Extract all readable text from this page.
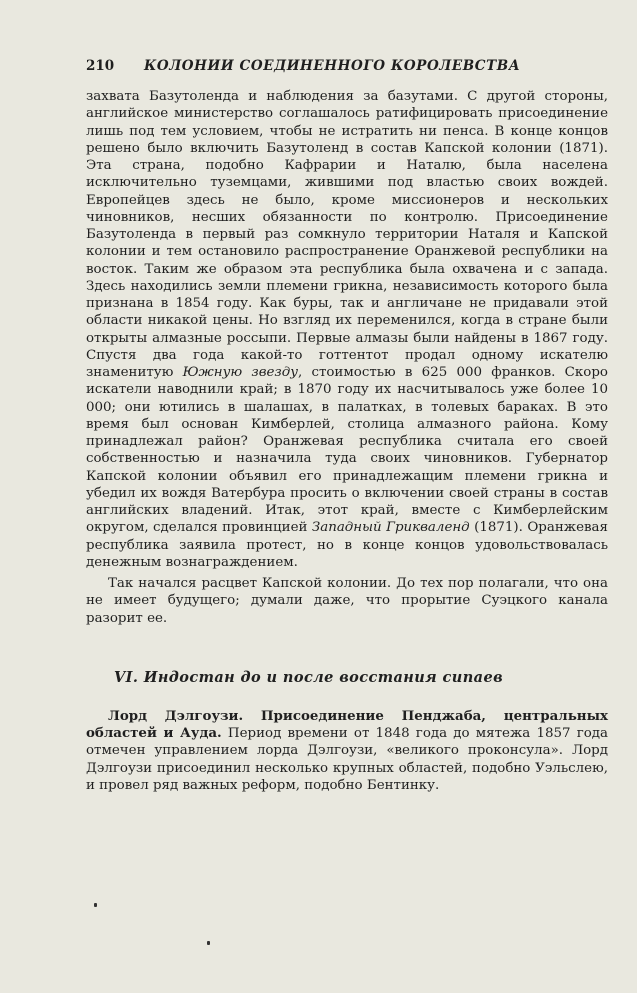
210	КОЛОНИИ СОЕДИНЕННОГО КОРОЛЕВСТВА

захвата Базутоленда и наблюдения за базутами. С другой стороны, английское министерство соглашалось ратифицировать присоединение лишь под тем условием, чтобы не истратить ни пенса. В конце концов решено было включить Базутоленд в состав Капской колонии (1871). Эта страна, подобно Кафрарии и Наталю, была населена исключительно туземцами, жившими под властью своих вождей. Европейцев здесь не было, кроме миссионеров и нескольких чиновников, несших обязанности по контролю. Присоединение Базутоленда в первый раз сомкнуло территории Наталя и Капской колонии и тем остановило распространение Оранжевой республики на восток. Таким же образом эта республика была охвачена и с запада. Здесь находились земли племени грикна, независимость которого была признана в 1854 году. Как буры, так и англичане не придавали этой области никакой цены. Но взгляд их переменился, когда в стране были открыты алмазные россыпи. Первые алмазы были найдены в 1867 году. Спустя два года какой-то готтентот продал одному искателю знаменитую Южную звезду, стоимостью в 625 000 франков. Скоро искатели наводнили край; в 1870 году их насчитывалось уже более 10 000; они ютились в шалашах, в палатках, в толевых бараках. В это время был основан Кимберлей, столица алмазного района. Кому принадлежал район? Оранжевая республика считала его своей собственностью и назначила туда своих чиновников. Губернатор Капской колонии объявил его принадлежащим племени грикна и убедил их вождя Ватербура просить о включении своей страны в состав английских владений. Итак, этот край, вместе с Кимберлейским округом, сделался провинцией Западный Грикваленд (1871). Оранжевая республика заявила протест, но в конце концов удовольствовалась денежным вознаграждением.

Так начался расцвет Капской колонии. До тех пор полагали, что она не имеет будущего; думали даже, что прорытие Суэцкого канала разорит ее.

VI. Индостан до и после восстания сипаев

Лорд Дэлгоузи. Присоединение Пенджаба, центральных областей и Ауда. Период времени от 1848 года до мятежа 1857 года отмечен управлением лорда Дэлгоузи, «великого проконсула». Лорд Дэлгоузи присоединил несколько крупных областей, подобно Уэльслею, и провел ряд важных реформ, подобно Бентинку.
